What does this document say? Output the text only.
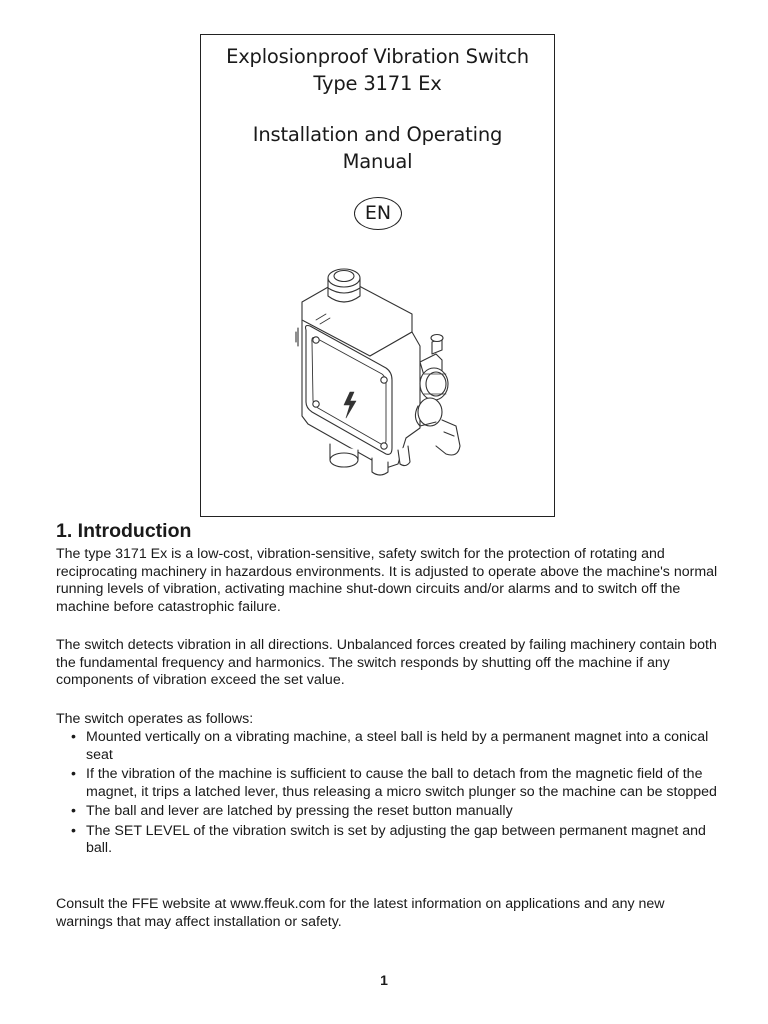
Explosionproof Vibration Switch
Type 3171 Ex
Installation and Operating
Manual
EN
1. Introduction

The type 3171 Ex is a low-cost, vibration-sensitive, safety switch for the protection of rotating and reciprocating machinery in hazardous environments. It is adjusted to operate above the machine's normal running levels of vibration, activating machine shut-down circuits and/or alarms and to switch off the machine before catastrophic failure.

The switch detects vibration in all directions. Unbalanced forces created by failing machinery contain both the fundamental frequency and harmonics. The switch responds by shutting off the machine if any components of vibration exceed the set value.

The switch operates as follows:

• Mounted vertically on a vibrating machine, a steel ball is held by a permanent magnet into a conical seat
• If the vibration of the machine is sufficient to cause the ball to detach from the magnetic field of the magnet, it trips a latched lever, thus releasing a micro switch plunger so the machine can be stopped
• The ball and lever are latched by pressing the reset button manually
• The SET LEVEL of the vibration switch is set by adjusting the gap between permanent magnet and ball.

Consult the FFE website at www.ffeuk.com for the latest information on applications and any new warnings that may affect installation or safety.

1
